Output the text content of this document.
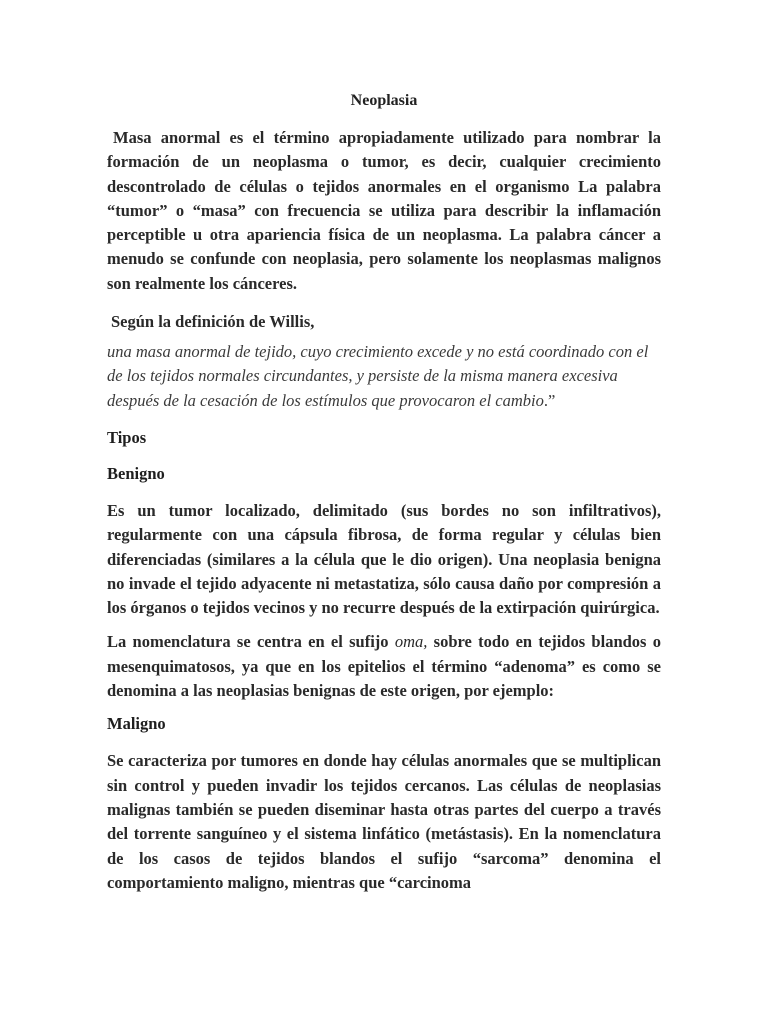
Neoplasia

Masa anormal es el término apropiadamente utilizado para nombrar la formación de un neoplasma o tumor, es decir, cualquier crecimiento descontrolado de células o tejidos anormales en el organismo La palabra “tumor” o “masa” con frecuencia se utiliza para describir la inflamación perceptible u otra apariencia física de un neoplasma. La palabra cáncer a menudo se confunde con neoplasia, pero solamente los neoplasmas malignos son realmente los cánceres.

Según la definición de Willis,

una masa anormal de tejido, cuyo crecimiento excede y no está coordinado con el de los tejidos normales circundantes, y persiste de la misma manera excesiva después de la cesación de los estímulos que provocaron el cambio.”

Tipos
Benigno

Es un tumor localizado, delimitado (sus bordes no son infiltrativos), regularmente con una cápsula fibrosa, de forma regular y células bien diferenciadas (similares a la célula que le dio origen). Una neoplasia benigna no invade el tejido adyacente ni metastatiza, sólo causa daño por compresión a los órganos o tejidos vecinos y no recurre después de la extirpación quirúrgica.

La nomenclatura se centra en el sufijo oma, sobre todo en tejidos blandos o mesenquimatosos, ya que en los epitelios el término “adenoma” es como se denomina a las neoplasias benignas de este origen, por ejemplo:

Maligno

Se caracteriza por tumores en donde hay células anormales que se multiplican sin control y pueden invadir los tejidos cercanos. Las células de neoplasias malignas también se pueden diseminar hasta otras partes del cuerpo a través del torrente sanguíneo y el sistema linfático (metástasis). En la nomenclatura de los casos de tejidos blandos el sufijo “sarcoma” denomina el comportamiento maligno, mientras que “carcinoma
